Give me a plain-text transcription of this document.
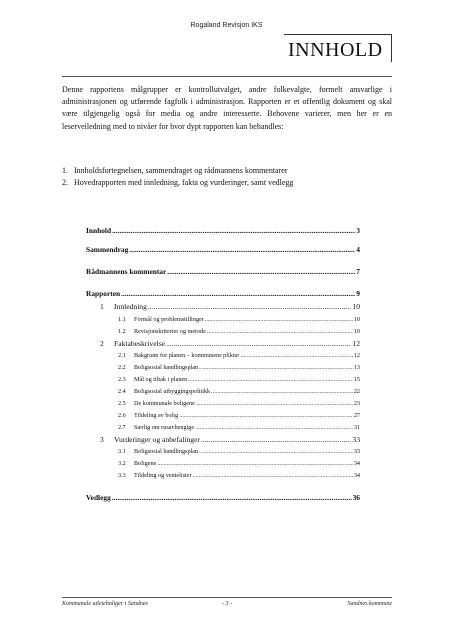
Rogaland Revisjon IKS
INNHOLD
Denne rapportens målgrupper er kontrollutvalget, andre folkevalgte, formelt ansvarlige i administrasjonen og utførende fagfolk i administrasjon. Rapporten er et offentlig dokument og skal være tilgjengelig også for media og andre interesserte. Behovene varierer, men her er en leserveiledning med to nivåer for hvor dypt rapporten kan behandles:
1. Innholdsfortegnelsen, sammendraget og rådmannens kommentarer
2. Hovedrapporten med innledning, fakta og vurderinger, samt vedlegg
Innhold .....	3
Sammendrag .....	4
Rådmannens kommentar .....	7
Rapporten .....	9
1 Innledning .....	10
1.1 Formål og problemstillinger .....	10
1.2 Revisjonskriterier og metode .....	10
2 Faktabeskrivelse .....	12
2.1 Bakgrunn for planen – kommunens plikter .....	12
2.2 Boligsosial handlingsplan .....	13
2.3 Mål og tiltak i planen .....	15
2.4 Boligsosial utbyggingspolitikk .....	22
2.5 De kommunale boligene .....	23
2.6 Tildeling av bolig .....	27
2.7 Særlig om rusavhengige .....	31
3 Vurderinger og anbefalinger .....	33
3.1 Boligsosial handlingsplan .....	33
3.2 Boligene .....	34
3.3 Tildeling og ventelister .....	34
Vedlegg .....	36
Kommunale utleieboliger i Sandnes	- 3 -	Sandnes kommune
